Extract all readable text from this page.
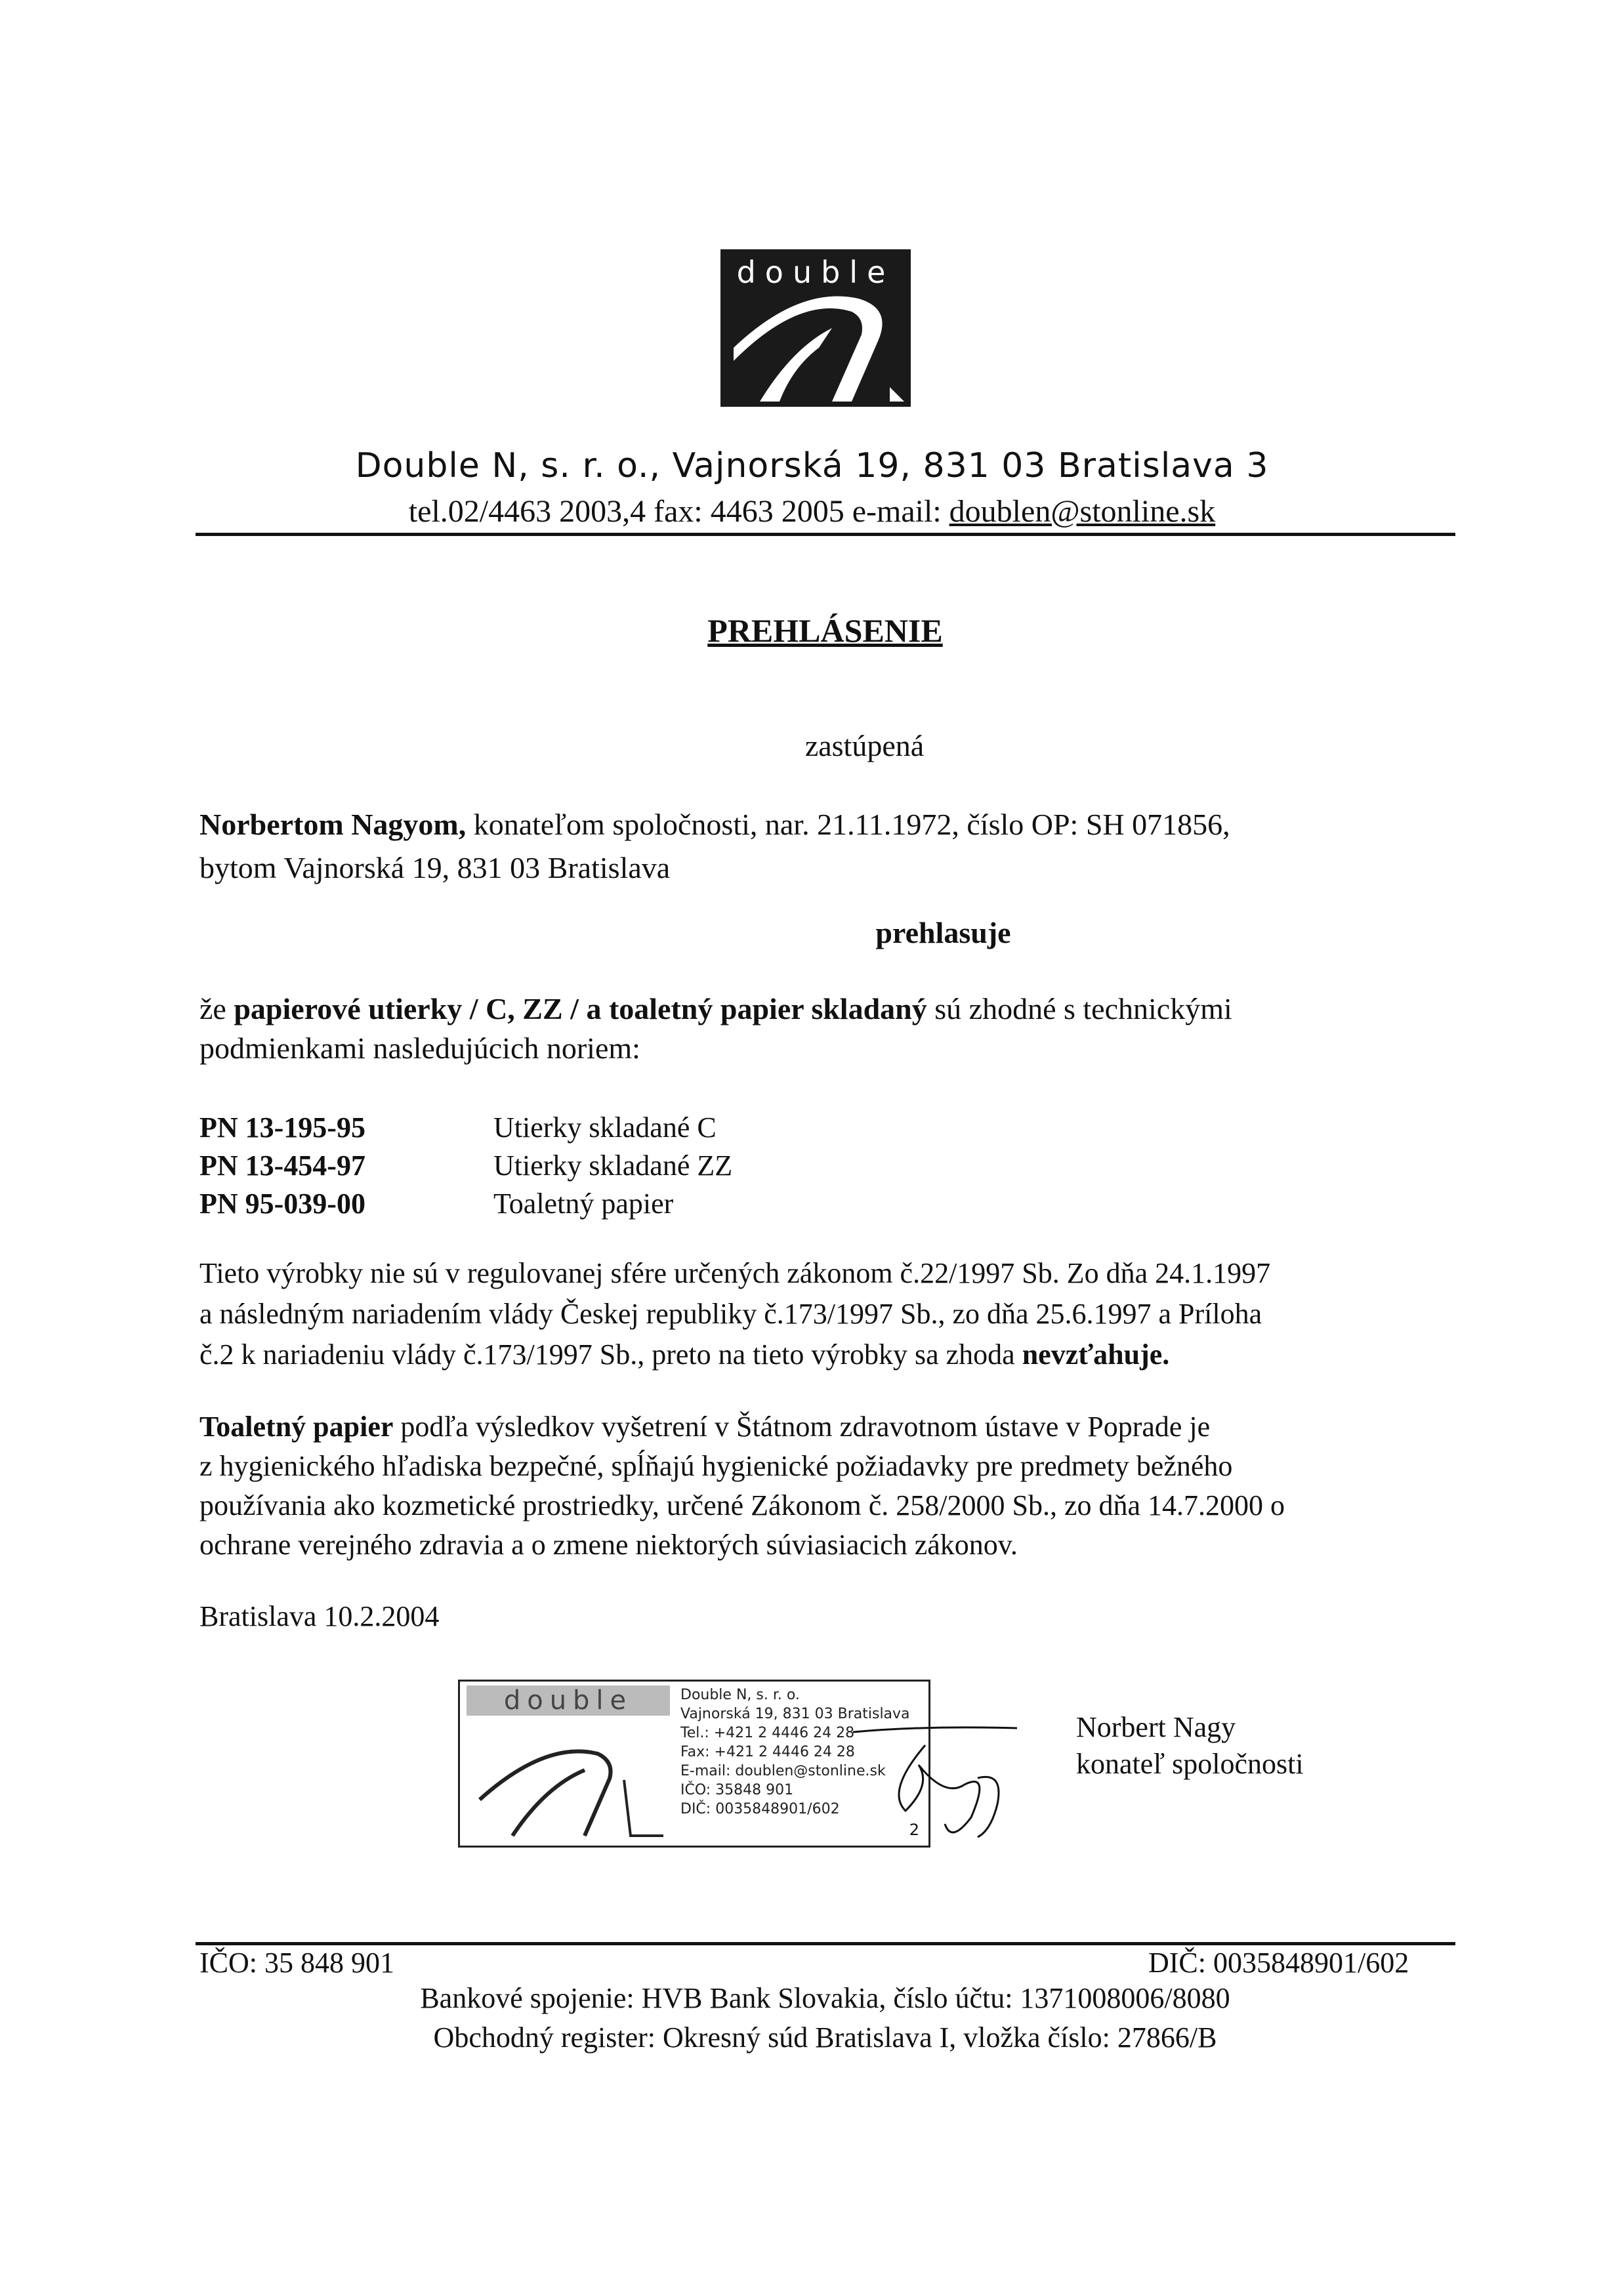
double
Double N, s. r. o., Vajnorská 19, 831 03 Bratislava 3
tel.02/4463 2003,4 fax: 4463 2005 e-mail: doublen@stonline.sk
PREHLÁSENIE
zastúpená
Norbertom Nagyom, konateľom spoločnosti, nar. 21.11.1972, číslo OP: SH 071856,
bytom Vajnorská 19, 831 03 Bratislava
prehlasuje
že papierové utierky / C, ZZ / a toaletný papier skladaný sú zhodné s technickými
podmienkami nasledujúcich noriem:
PN 13-195-95	Utierky skladané C
PN 13-454-97	Utierky skladané ZZ
PN 95-039-00	Toaletný papier
Tieto výrobky nie sú v regulovanej sfére určených zákonom č.22/1997 Sb. Zo dňa 24.1.1997
a následným nariadením vlády Českej republiky č.173/1997 Sb., zo dňa 25.6.1997 a Príloha
č.2 k nariadeniu vlády č.173/1997 Sb., preto na tieto výrobky sa zhoda nevzťahuje.
Toaletný papier podľa výsledkov vyšetrení v Štátnom zdravotnom ústave v Poprade je
z hygienického hľadiska bezpečné, spĺňajú hygienické požiadavky pre predmety bežného
používania ako kozmetické prostriedky, určené Zákonom č. 258/2000 Sb., zo dňa 14.7.2000 o
ochrane verejného zdravia a o zmene niektorých súviasiacich zákonov.
Bratislava 10.2.2004
double	Double N, s. r. o.
Vajnorská 19, 831 03 Bratislava
Tel.: +421 2 4446 24 28
Fax: +421 2 4446 24 28
E-mail: doublen@stonline.sk
IČO: 35848 901
DIČ: 0035848901/602
2
Norbert Nagy
konateľ spoločnosti
IČO: 35 848 901	DIČ: 0035848901/602
Bankové spojenie: HVB Bank Slovakia, číslo účtu: 1371008006/8080
Obchodný register: Okresný súd Bratislava I, vložka číslo: 27866/B
